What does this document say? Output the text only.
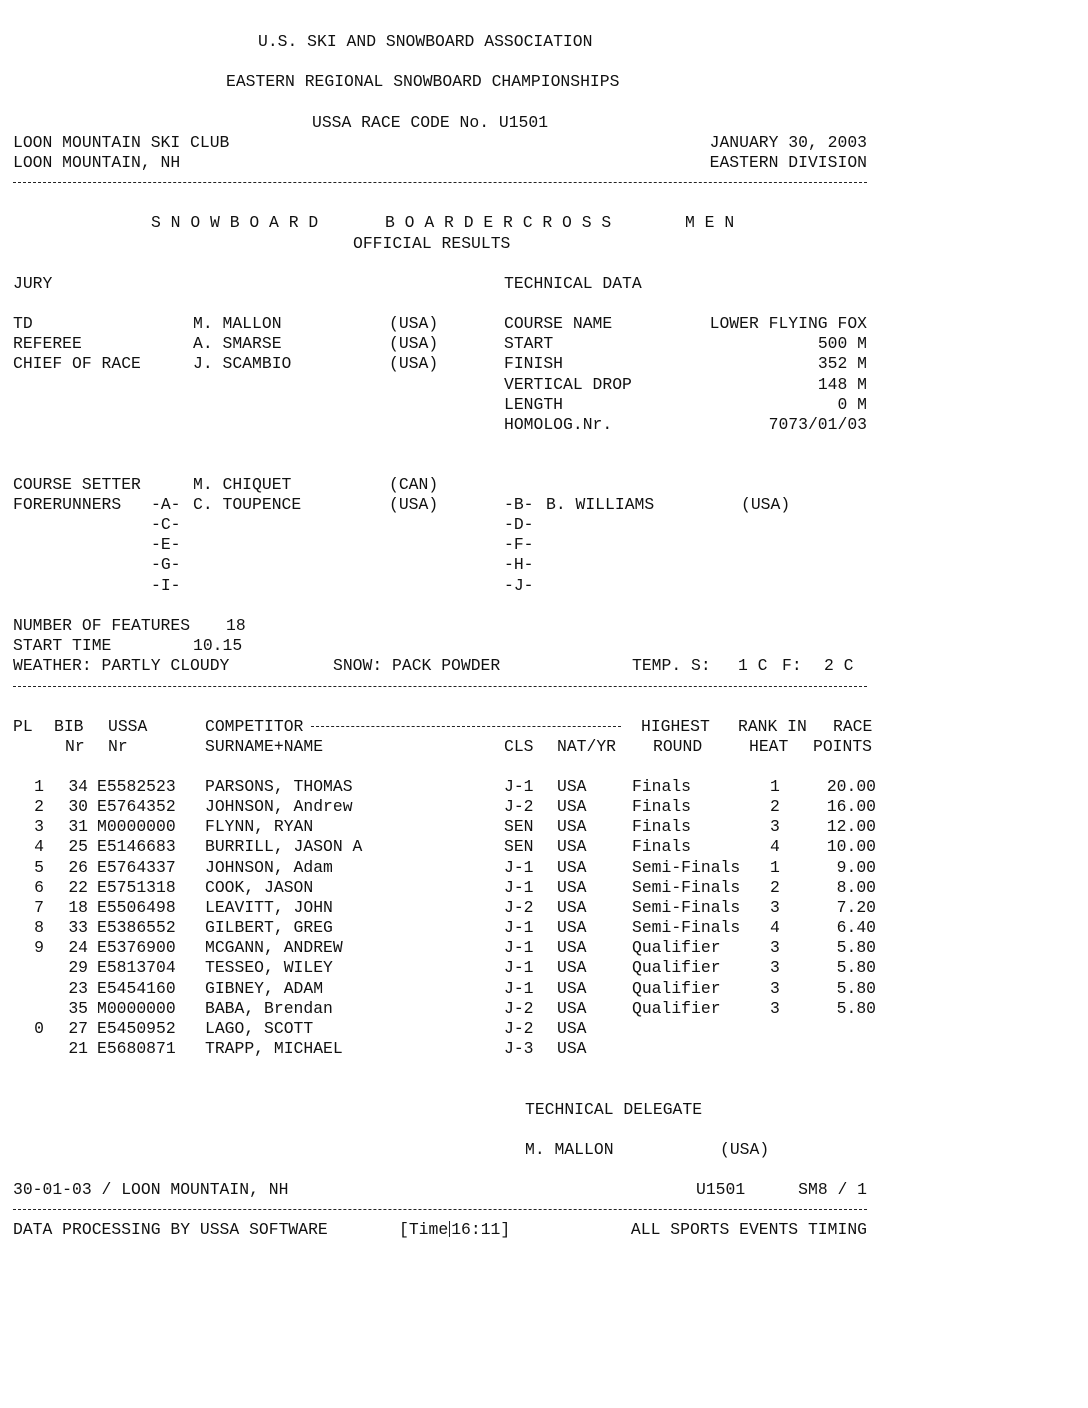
U.S. SKI AND SNOWBOARD ASSOCIATION
EASTERN REGIONAL SNOWBOARD CHAMPIONSHIPS
USSA RACE CODE No. U1501
LOON MOUNTAIN SKI CLUB
LOON MOUNTAIN, NH
JANUARY 30, 2003
EASTERN DIVISION
S N O W B O A R D	B O A R D E R C R O S S	M E N
OFFICIAL RESULTS
JURY
TD	M. MALLON	(USA)
REFEREE	A. SMARSE	(USA)
CHIEF OF RACE	J. SCAMBIO	(USA)
TECHNICAL DATA
COURSE NAME	LOWER FLYING FOX
START	500 M
FINISH	352 M
VERTICAL DROP	148 M
LENGTH	0 M
HOMOLOG.Nr.	7073/01/03
COURSE SETTER	M. CHIQUET	(CAN)
FORERUNNERS -A- C. TOUPENCE	(USA)
-C-
-E-
-G-
-I-
-B- B. WILLIAMS	(USA)
-D-
-F-
-H-
-J-
NUMBER OF FEATURES 18
START TIME	10.15
WEATHER: PARTLY CLOUDY	SNOW: PACK POWDER	TEMP. S: 1 C F: 2 C
PL BIB USSA	COMPETITOR	HIGHEST RANK IN RACE
Nr Nr	SURNAME+NAME	CLS NAT/YR ROUND	HEAT POINTS
1 34 E5582523 PARSONS, THOMAS	J-1 USA	Finals	1	20.00
2 30 E5764352 JOHNSON, Andrew	J-2 USA	Finals	2	16.00
3 31 M0000000 FLYNN, RYAN	SEN USA	Finals	3	12.00
4 25 E5146683 BURRILL, JASON A	SEN USA	Finals	4	10.00
5 26 E5764337 JOHNSON, Adam	J-1 USA	Semi-Finals 1	9.00
6 22 E5751318 COOK, JASON	J-1 USA	Semi-Finals 2	8.00
7 18 E5506498 LEAVITT, JOHN	J-2 USA	Semi-Finals 3	7.20
8 33 E5386552 GILBERT, GREG	J-1 USA	Semi-Finals 4	6.40
9 24 E5376900 MCGANN, ANDREW	J-1 USA	Qualifier	3	5.80
29 E5813704 TESSEO, WILEY	J-1 USA	Qualifier	3	5.80
23 E5454160 GIBNEY, ADAM	J-1 USA	Qualifier	3	5.80
35 M0000000 BABA, Brendan	J-2 USA	Qualifier	3	5.80
0 27 E5450952 LAGO, SCOTT	J-2 USA
21 E5680871 TRAPP, MICHAEL	J-3 USA
TECHNICAL DELEGATE
M. MALLON	(USA)
30-01-03 / LOON MOUNTAIN, NH	U1501	SM8 / 1
DATA PROCESSING BY USSA SOFTWARE	[Time 16:11]	ALL SPORTS EVENTS TIMING
